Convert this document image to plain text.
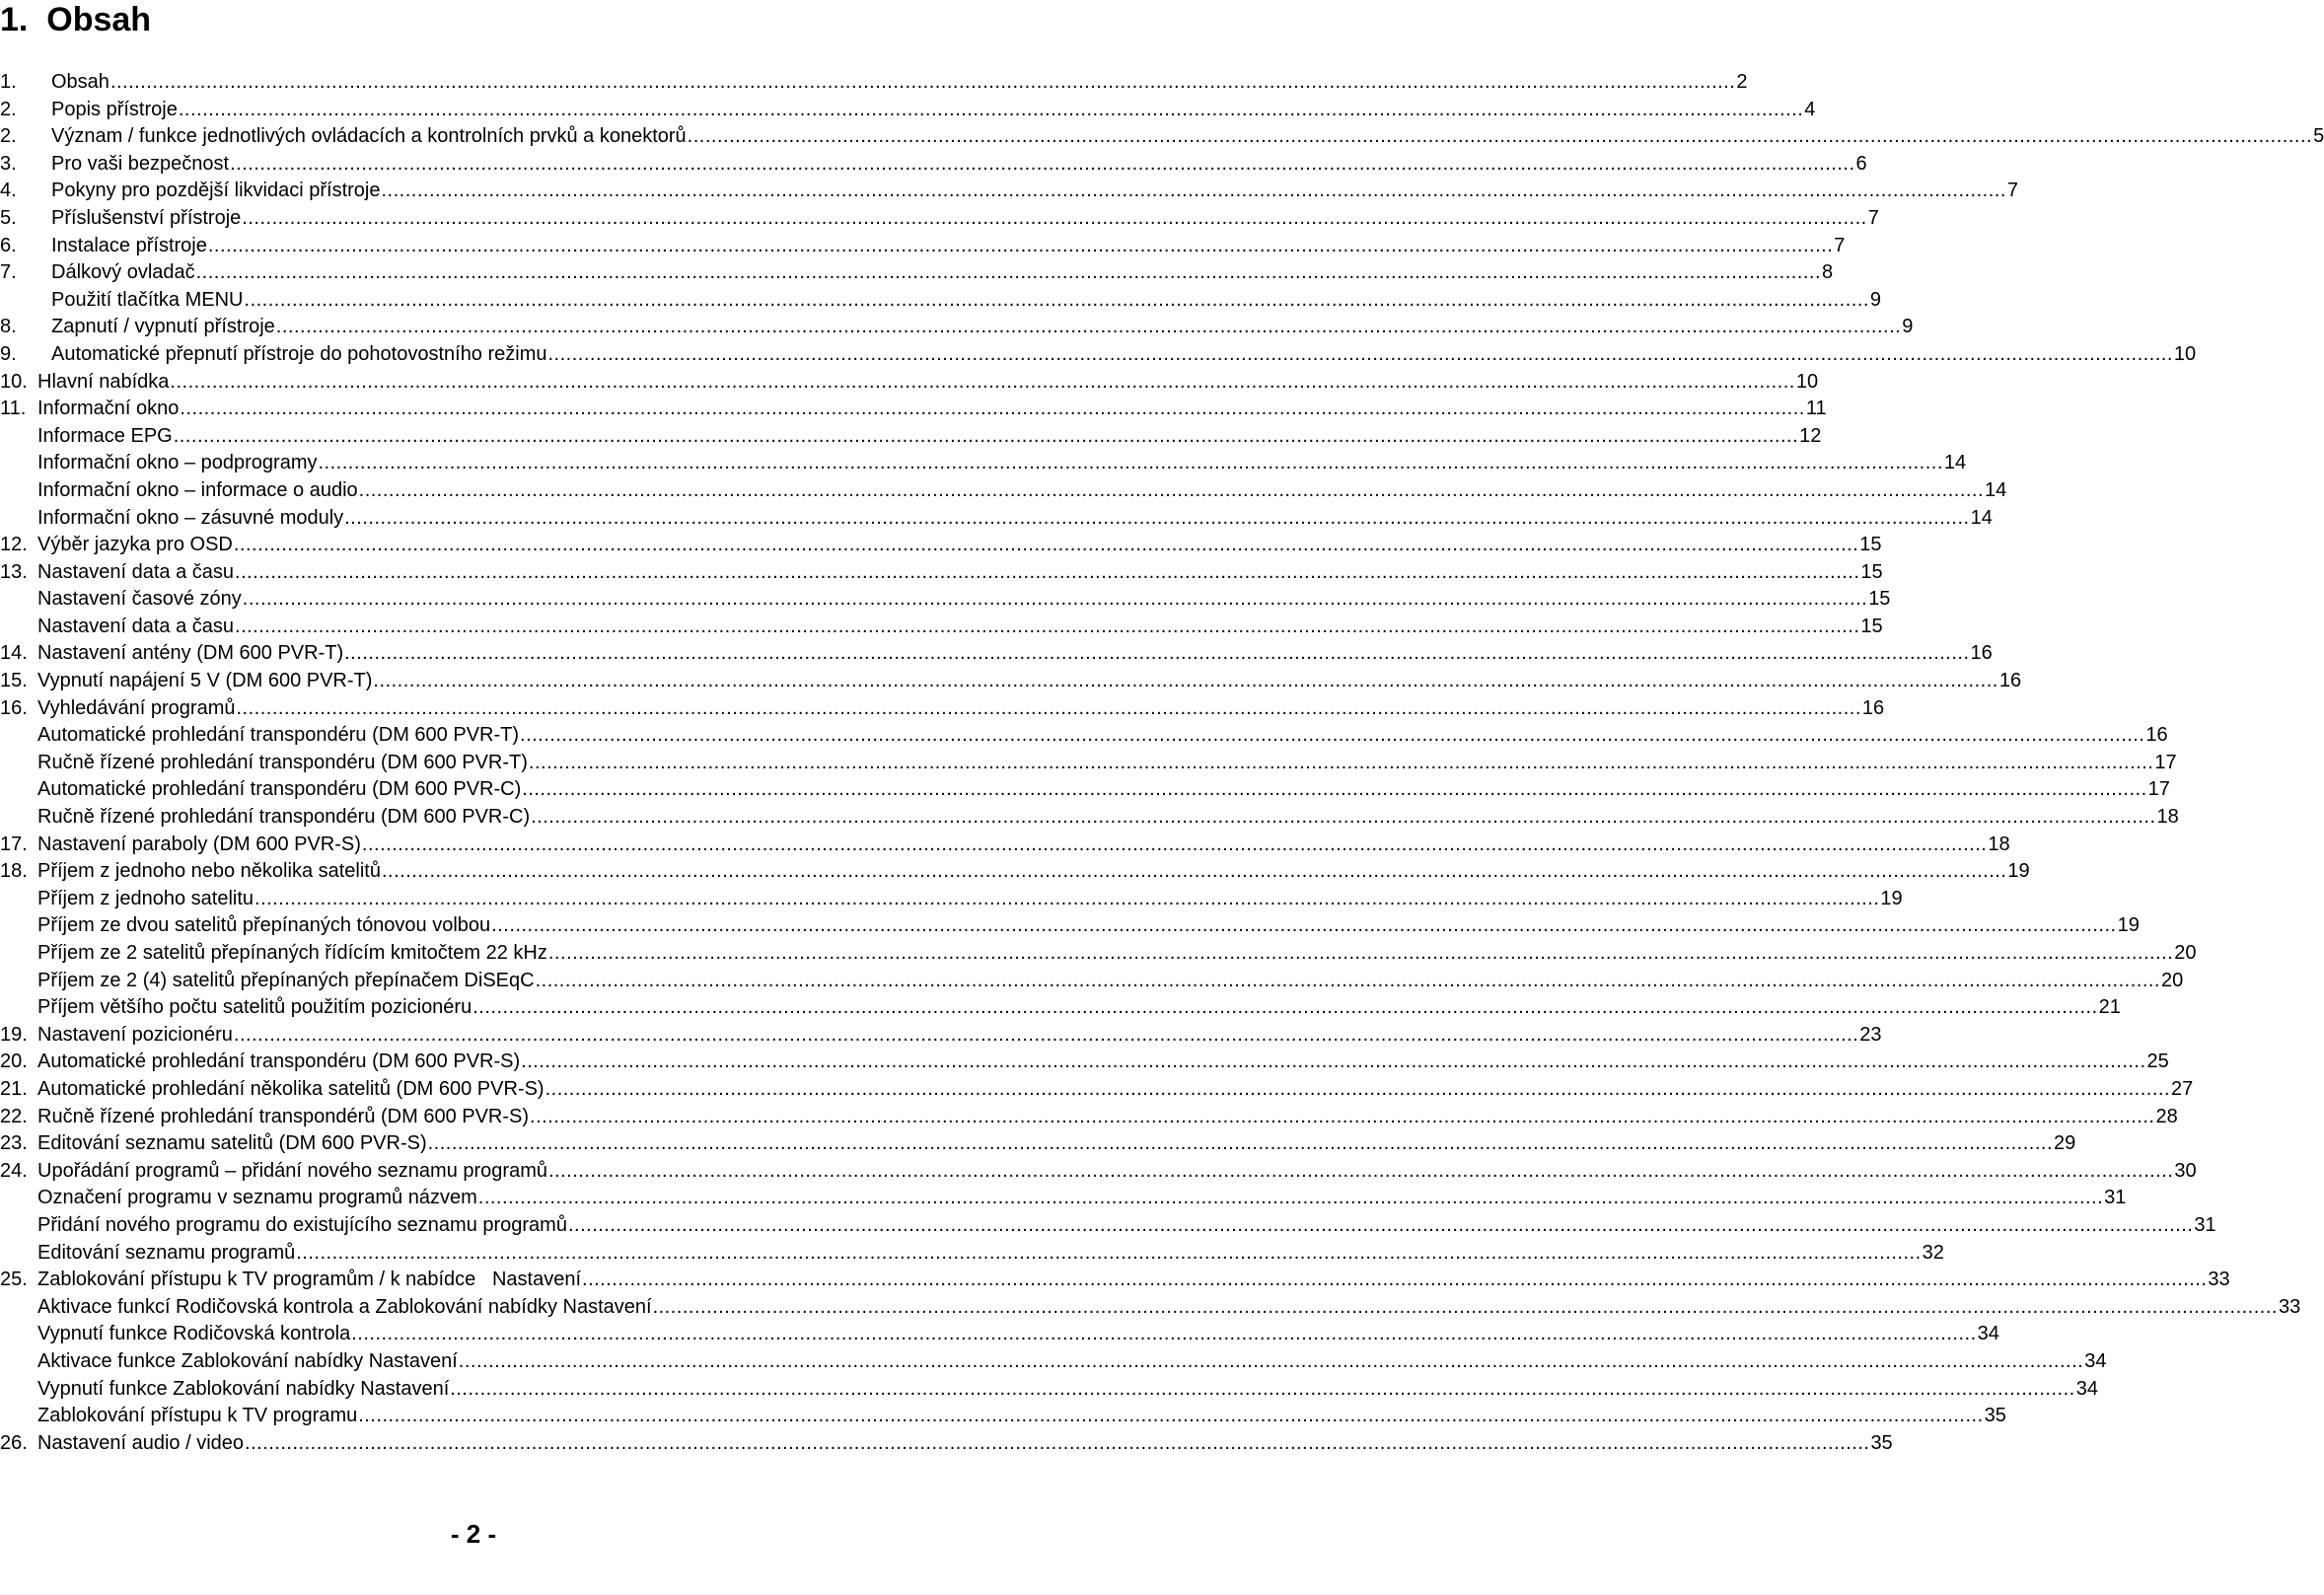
1.  Obsah
1.	Obsah .....	2
2.	Popis přístroje .....	4
2.	Význam / funkce jednotlivých ovládacích a kontrolních prvků a konektorů .....	5
3.	Pro vaši bezpečnost .....	6
4.	Pokyny pro pozdější likvidaci přístroje .....	7
5.	Příslušenství přístroje .....	7
6.	Instalace přístroje .....	7
7.	Dálkový ovladač .....	8
Použití tlačítka MENU .....	9
8.	Zapnutí / vypnutí přístroje .....	9
9.	Automatické přepnutí přístroje do pohotovostního režimu .....	10
10. Hlavní nabídka .....	10
11. Informační okno .....	11
Informace EPG .....	12
Informační okno – podprogramy .....	14
Informační okno – informace o audio .....	14
Informační okno – zásuvné moduly .....	14
12. Výběr jazyka pro OSD .....	15
13. Nastavení data a času .....	15
Nastavení časové zóny .....	15
Nastavení data a času .....	15
14. Nastavení antény (DM 600 PVR-T) .....	16
15. Vypnutí napájení 5 V (DM 600 PVR-T) .....	16
16. Vyhledávání programů .....	16
Automatické prohledání transpondéru (DM 600 PVR-T) .....	16
Ručně řízené prohledání transpondéru (DM 600 PVR-T) .....	17
Automatické prohledání transpondéru (DM 600 PVR-C) .....	17
Ručně řízené prohledání transpondéru (DM 600 PVR-C) .....	18
17. Nastavení paraboly (DM 600 PVR-S) .....	18
18. Příjem z jednoho nebo několika satelitů .....	19
Příjem z jednoho satelitu .....	19
Příjem ze dvou satelitů přepínaných tónovou volbou .....	19
Příjem ze 2 satelitů přepínaných řídícím kmitočtem 22 kHz .....	20
Příjem ze 2 (4) satelitů přepínaných přepínačem DiSEqC .....	20
Příjem většího počtu satelitů použitím pozicionéru .....	21
19. Nastavení pozicionéru .....	23
20. Automatické prohledání transpondéru (DM 600 PVR-S) .....	25
21. Automatické prohledání několika satelitů (DM 600 PVR-S) .....	27
22. Ručně řízené prohledání transpondérů (DM 600 PVR-S) .....	28
23. Editování seznamu satelitů (DM 600 PVR-S) .....	29
24. Upořádání programů – přidání nového seznamu programů .....	30
Označení programu v seznamu programů názvem .....	31
Přidání nového programu do existujícího seznamu programů .....	31
Editování seznamu programů .....	32
25. Zablokování přístupu k TV programům / k nabídce   Nastavení .....	33
Aktivace funkcí Rodičovská kontrola a Zablokování nabídky Nastavení .....	33
Vypnutí funkce Rodičovská kontrola .....	34
Aktivace funkce Zablokování nabídky Nastavení .....	34
Vypnutí funkce Zablokování nabídky Nastavení .....	34
Zablokování přístupu k TV programu .....	35
26. Nastavení audio / video .....	35
- 2 -
